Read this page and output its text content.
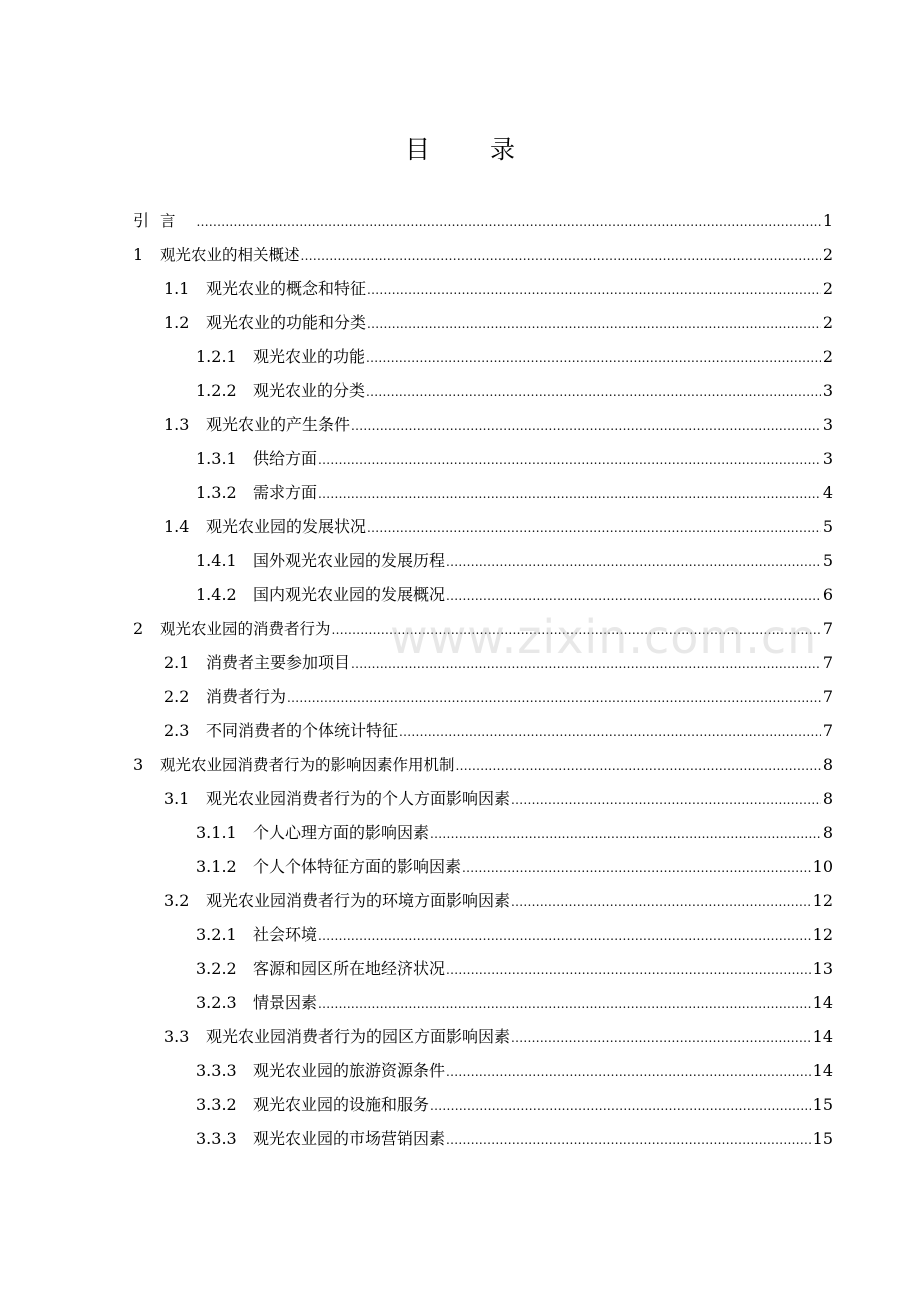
目 录
引 言 .....	1
1	观光农业的相关概述 .....	2
1.1	观光农业的概念和特征 .....	2
1.2	观光农业的功能和分类 .....	2
1.2.1	观光农业的功能 .....	2
1.2.2	观光农业的分类 .....	3
1.3	观光农业的产生条件 .....	3
1.3.1	供给方面 .....	3
1.3.2	需求方面 .....	4
1.4	观光农业园的发展状况 .....	5
1.4.1	国外观光农业园的发展历程 .....	5
1.4.2	国内观光农业园的发展概况 .....	6
2	观光农业园的消费者行为 .....	7
2.1	消费者主要参加项目 .....	7
2.2	消费者行为 .....	7
2.3	不同消费者的个体统计特征 .....	7
3	观光农业园消费者行为的影响因素作用机制 .....	8
3.1	观光农业园消费者行为的个人方面影响因素 .....	8
3.1.1	个人心理方面的影响因素 .....	8
3.1.2	个人个体特征方面的影响因素 .....	10
3.2	观光农业园消费者行为的环境方面影响因素 .....	12
3.2.1	社会环境 .....	12
3.2.2	客源和园区所在地经济状况 .....	13
3.2.3	情景因素 .....	14
3.3	观光农业园消费者行为的园区方面影响因素 .....	14
3.3.3	观光农业园的旅游资源条件 .....	14
3.3.2	观光农业园的设施和服务 .....	15
3.3.3	观光农业园的市场营销因素 .....	15
www.zixin.com.cn
